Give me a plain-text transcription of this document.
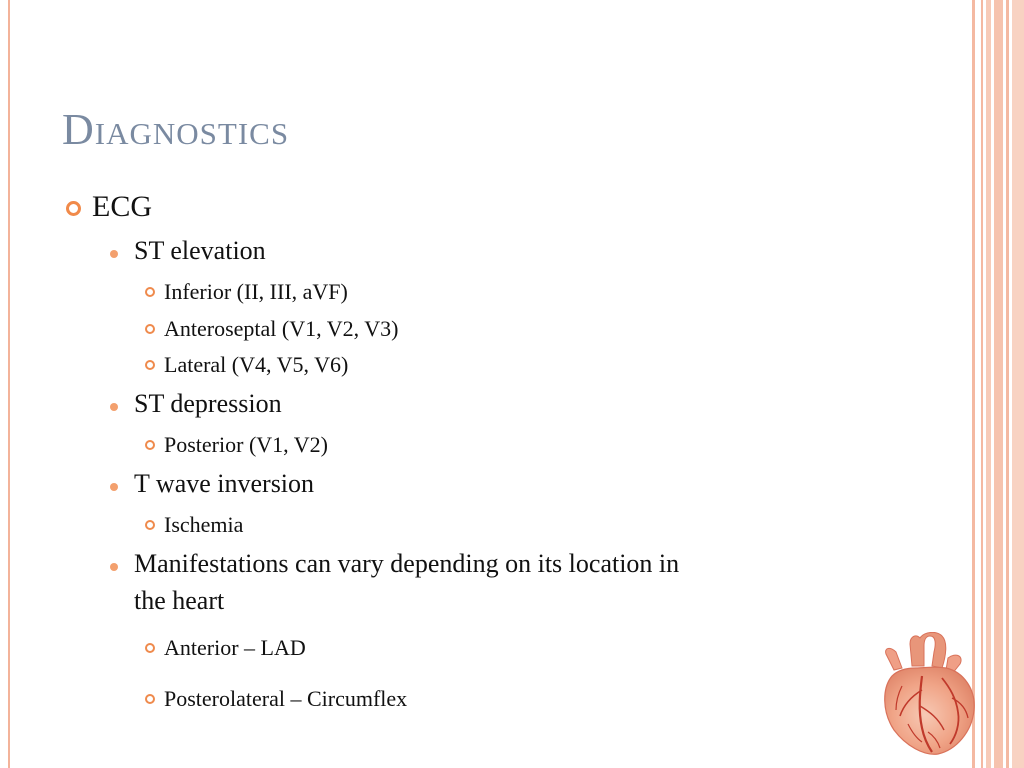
Diagnostics
ECG
ST elevation
Inferior (II, III, aVF)
Anteroseptal (V1, V2, V3)
Lateral (V4, V5, V6)
ST depression
Posterior (V1, V2)
T wave inversion
Ischemia
Manifestations can vary depending on its location in
the heart
Anterior – LAD
Posterolateral – Circumflex
